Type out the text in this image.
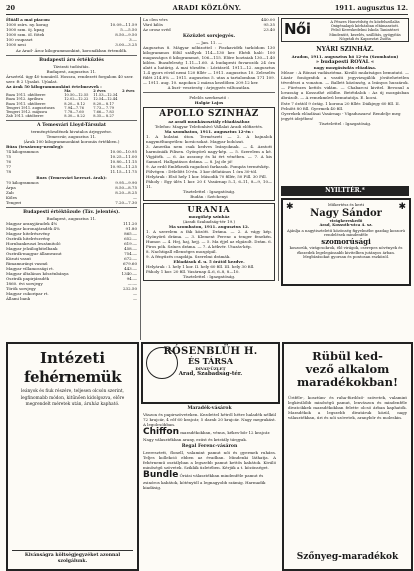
20	ARADI KÖZLÖNY.	1911. augusztus 12.
Élőáll a mai piacon:
1000 zsírs. ny. korag	10.09—11.59
1000 szm. öj. kpag	5.—5.50
1000 szm. öl. fötek	8.50—9.50
100 csupaszt	3.—
1000 nesi	3.00—3.25
Az Arad- Ároz kilogrammonkint, koronákban értendők.
Budapesti áru értékűzlés
Távirati tudósítás.
Budapest, augusztus 11.
Árszérül. ügy 40 tonnáról. Hosszu, rendezett forgalom 40 szer. szer. ft 2 Ujsalat. Ujúalat.
Az árak 50 kilogrammonkint értelmezvek :
	Ma	2 éves	2 éves
Buza 1911. októberre	10.50—12.55	11.53—12.34	
Buza 1912. áprilisra	12.02—12.22	12.54—12.44	
Buza 1911. októberre	8.20— 8.12	8.20— 8.17	
Tengeri 1911. augusztusra	7.94—7.76	7.73— 7.79	
Tengeri 1912. májusra	7.78—7.60	7.66— 7.83	
Zab 1911. októberre	8.30— 8.22	8.35— 8.27	
A Temesvári Lloyd-Társulat
terménytőzsdének hivatalos árjegyzése.
Temesvár, augusztus 11.
(Árak 100 kilogrammonkint koronás értékben.)
Búza (teszárony-nemleg):
74 kilogrammos	10.00—10.95
75	10.25—11.00
76	10.80—11.15
77	10.95—11.25
78	11.15—11.75
Rozs (Temesvári kereszt. árak):
70 kilogrammos	9.95—9.90
Árpa	8.50—8.75
Zab	8.20—8.25
Köles	—
Tengeri	7.20—7.30
Budapesti értéktőzsde (Táv. jelentés).
Budapest, augusztus 11.
Magyar aranyjáradek 4%	111.20
Magyar koronajáradék 4%	91.80
Magyar hitelrészvény	865.—
Osztrák hitelrészvény	652.—
Hornbankruszi leszámitoló	619.—
Magyar jelzálogbitelbank	458.—
Osztrák-magyar államvasut	754.—
Közuti vasut	672.—
Rimamurányi vasmű	679.60
Magyar villamossági rt.	443.—
Magyar általános kőszénbánya	1340.—
Osztrák papirjáradék	94.—
1860. évi sorsjegy	—.—
Török sorsjegy	232.50
Magyar cukoripar rt.	—
Állami bank	—
La clen vérs	440.00
Váró kilós	95.35
Az orosz svéd	23.40
Közüzlet sorsjegyés.
— Jan. 11. —
Augusztus 8. Mágyar nőbizottel : Piszkavidék tarkódom 130 kilogrammos fölül szállyok 114—130 ker. Ebédi haló: 100 magasságos 6 kilogrammot, 106—115. Előre hoztaiak 130—1.40 kilóra. Buzafeleség 1.11—1.60. A budapesti fuvarozók 24 óra alatt a határig. A mai tőzsdén : Lóztásról. 1911—12. augusztus 1–4 gyors rövid nemi 120 fillér — 1911. augusztus 10. Zeleselés fülét 214.8% — 1911. augusztus 5. utas a tartalomban 171 109. — 1911. aug. 10. napokon 2 mázsa kezdőben 209.12 ker.
A liszt- veszteség : árjegyzés változatlan.
Felelős szerkesztő :
Halgár Lajos
APOLLÓ SZINHÁZ
az aradi munkásosztály előadásához
Telefon: Magyar Telefonhívó Vállalat Aradi előfizetés.
Ma szombaton, 1911. augusztus 12-én :
1. A hulzáni úton. Természeti — 2. A hajnalok nagyméltanyetlen: kovácsokat. Magyar bohózat.
3. Amerika nem csak kedves leányoknak. — 4. Aratott harmóniák Pilisen. Gyönyörű nagy-kép. — 5. Szerelem a ké. Vígjáték. — 6. Az asszony és ki ért vénében. — 7. A kis Samuel. Hallgatásos dráma. — 8. Jaj de jó!
9. Az erdő Emlékezik ragadozó farkasok. Pompás terméskép.
Fölvégen : Délelőtt 10-én. 3 kor délutános 1 óra 30-tól.
Helyárak : Első hely 1 kor. Második 70 fillér, 50 Fill. 30 Fill.
Páholy : Egy ülés 1 kor. 20 f. Vasárnap 5–1, 6–11, 8—9, 10—11.
Tisztelettel : Igazgatóság.
Budán : Széchenyi
URANIA
mozgókép színház
(Aradi Szabadság-tér 19.)
Ma szombaton, 1911. augusztus 12.
1. A szerelem a fák között. Dráma. — 2. A vágy kép. Gyönyörű dráma. — 3. Klement Ferenc a tenger fenekén. Humor. — 4. Hej, haj, hejj. — 5. Ma éjjel az elgázolt. Drám. 6. Piros pók. Színes dráma. — 7. A kékvér. Utazás-kép.
8. Nachtigall ellenséges mozgópál.
9. A fényűzés csapdája. Szerelmi drámák.
Előadások d. u. 5 órától kezdve.
Helyárak : I. hely 1 kor. II. hely 60 fill. III. hely 30 fill.
Páholy 1 kor. 20 fill. Vasárnap 4–6, 6–8, 8—10.
Tisztelettel : Igazgatóság.
Női	A Pénzes Honvédség és közfelszólalás
Oxigénalapú kórházban eltámasztott.
Felső Kereskedelmi Iskola Tanintézet
Mindenütt, kezelés, szállítás, gyógyítás
Nógrádi és Kaposvári Zsófia
NYÁRI SZINHÁZ.
Aradon, 1911. augusztus hó 12-én (Szombaton)
» budapesti ROYAL «
nagy mozgásisdás előadása.
Műsor : A Rönszi vadásztéma. Kiváló mulatságos bemutató. — Lázár fonógrafok a vasúti jegyvizsgálók jóvátehetetlen tévedései a vonaton. — Ballett közönség, a leányos huszárok. — Fürészes kettős vidám. — Chabarcsi kivitel. Bevonul a lovasság a Kossuthé zöldbe. Betétdalok : Az új mozgásban ábrázolt. — A remekművű bemutatója. E. kocsi.
Este 7 órától 9 óráig. 1 korona 20 fillér. Diákjegy 60 fill. II. Felnőtt 80 fill. Gyermek 40 fill.
Gyerekek előadásai Vasárnap - Vígaduszaru! Rendelje meg jegyét idejében!
Tisztelettel : Igazgatóság.
NYILTTÉR.*
✱	✱
Műkertész és kerti
Nagy Sándor
virágkereskedő
Arad, Kossuth-utca 4. sz.
Ajánlja a nagytiszteletű közönség figyelmébe gazdag koszorú rendelések mindenféle
szomorúsági
koszorúk, virágcsokrok, élő virágok, cserepes növények és ékszedek legelegánsabb kivitelben jutányos árban. Megbízásokat gyorsan és pontosan eszközöl.
Intézeti
fehérnemük
leányok és fiuk részére, teljesen olcsón szerint, legfinomabb módon, kitűnően kidolgozva, előre megrendelt méretek után, áruház kapható.
Kivánságra költségjegyzéket azonnal szolgálunk.
RÓSENBLÜH H.
ÉS TÁRSA
DIVAT-ÜZLET
Arad, Szabadság-tér.
Maradék-vásárok
Vászon és papirszöveteken. Kezdettel hétről hétre haladék nélkül 72 krajcár, 4 rőf 60 krajcár, 5 darab 20 krajcár. Nagy megrakást. A legolcsóbban.
Chiffon maradékokban, vénus, kékes-bőr 12 krajcár. Nagy választékban arany, ezüst és kristály tárgyak.
Regal Ferenc-vásáron
Leeresztett, flonell, valamint pamut női és gyermek ruhára. Teljes kollekció ebben az évadban. Mindenki láthatja. A fehérnemű osztályban a legszebb pamut kettős kabátok. Kiváló minőségű szövetek. Sziklák üzletében. Kérjük a t. közönséget.
Bundle Óriási választékban mindenféle pamut és zsinóros kabátok, köténytől a legnagyobb számig. Harmadik kiadásig.
Rübül ked-
vező alkalom
maradékokban!
Úriféle-, kosztüm- és ruha-fürdőző- szövetek, valamint legkiválóbb minőségű pamut, lenvászon és mindenféle divatcikkek maradékokban felette olcsó árban kaphatók. Maradékok a legszebb divatáruk közül, nagy választékban, úri és női szövetek, aranybőr és moleskin.
Szőnyeg-maradékok
